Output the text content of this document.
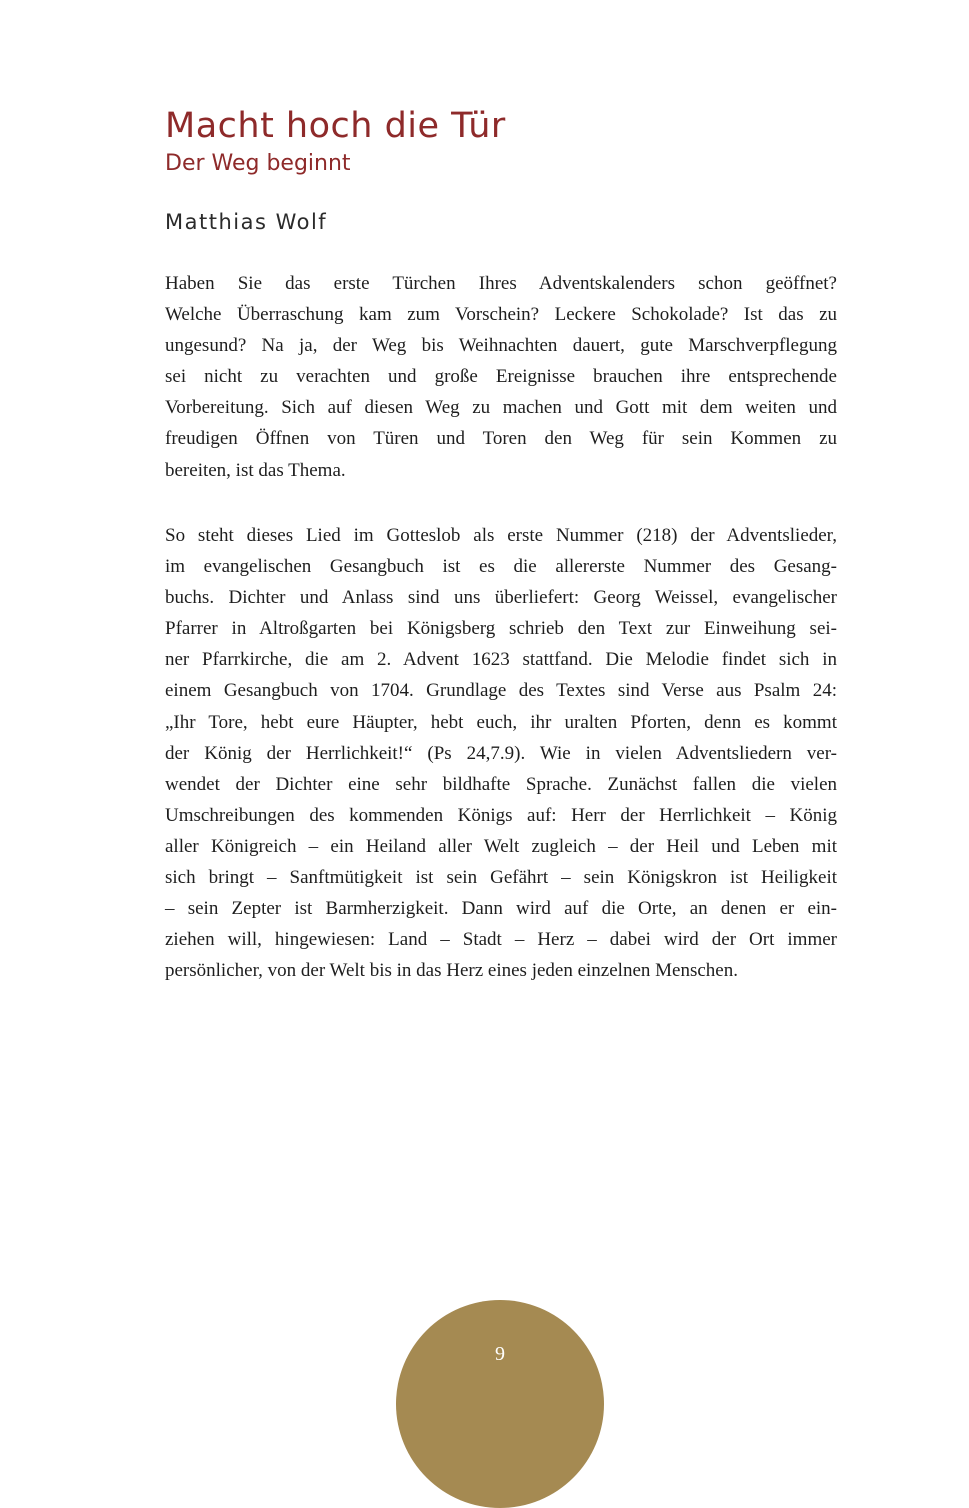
Macht hoch die Tür
Der Weg beginnt

Matthias Wolf

Haben Sie das erste Türchen Ihres Adventskalenders schon geöffnet?
Welche Überraschung kam zum Vorschein? Leckere Schokolade? Ist das zu
ungesund? Na ja, der Weg bis Weihnachten dauert, gute Marschverpflegung
sei nicht zu verachten und große Ereignisse brauchen ihre entsprechende
Vorbereitung. Sich auf diesen Weg zu machen und Gott mit dem weiten und
freudigen Öffnen von Türen und Toren den Weg für sein Kommen zu
bereiten, ist das Thema.
So steht dieses Lied im Gotteslob als erste Nummer (218) der Adventslieder,
im evangelischen Gesangbuch ist es die allererste Nummer des Gesang-
buchs. Dichter und Anlass sind uns überliefert: Georg Weissel, evangelischer
Pfarrer in Altroßgarten bei Königsberg schrieb den Text zur Einweihung sei-
ner Pfarrkirche, die am 2. Advent 1623 stattfand. Die Melodie findet sich in
einem Gesangbuch von 1704. Grundlage des Textes sind Verse aus Psalm 24:
„Ihr Tore, hebt eure Häupter, hebt euch, ihr uralten Pforten, denn es kommt
der König der Herrlichkeit!“ (Ps 24,7.9). Wie in vielen Adventsliedern ver-
wendet der Dichter eine sehr bildhafte Sprache. Zunächst fallen die vielen
Umschreibungen des kommenden Königs auf: Herr der Herrlichkeit – König
aller Königreich – ein Heiland aller Welt zugleich – der Heil und Leben mit
sich bringt – Sanftmütigkeit ist sein Gefährt – sein Königskron ist Heiligkeit
– sein Zepter ist Barmherzigkeit. Dann wird auf die Orte, an denen er ein-
ziehen will, hingewiesen: Land – Stadt – Herz – dabei wird der Ort immer
persönlicher, von der Welt bis in das Herz eines jeden einzelnen Menschen.
9
